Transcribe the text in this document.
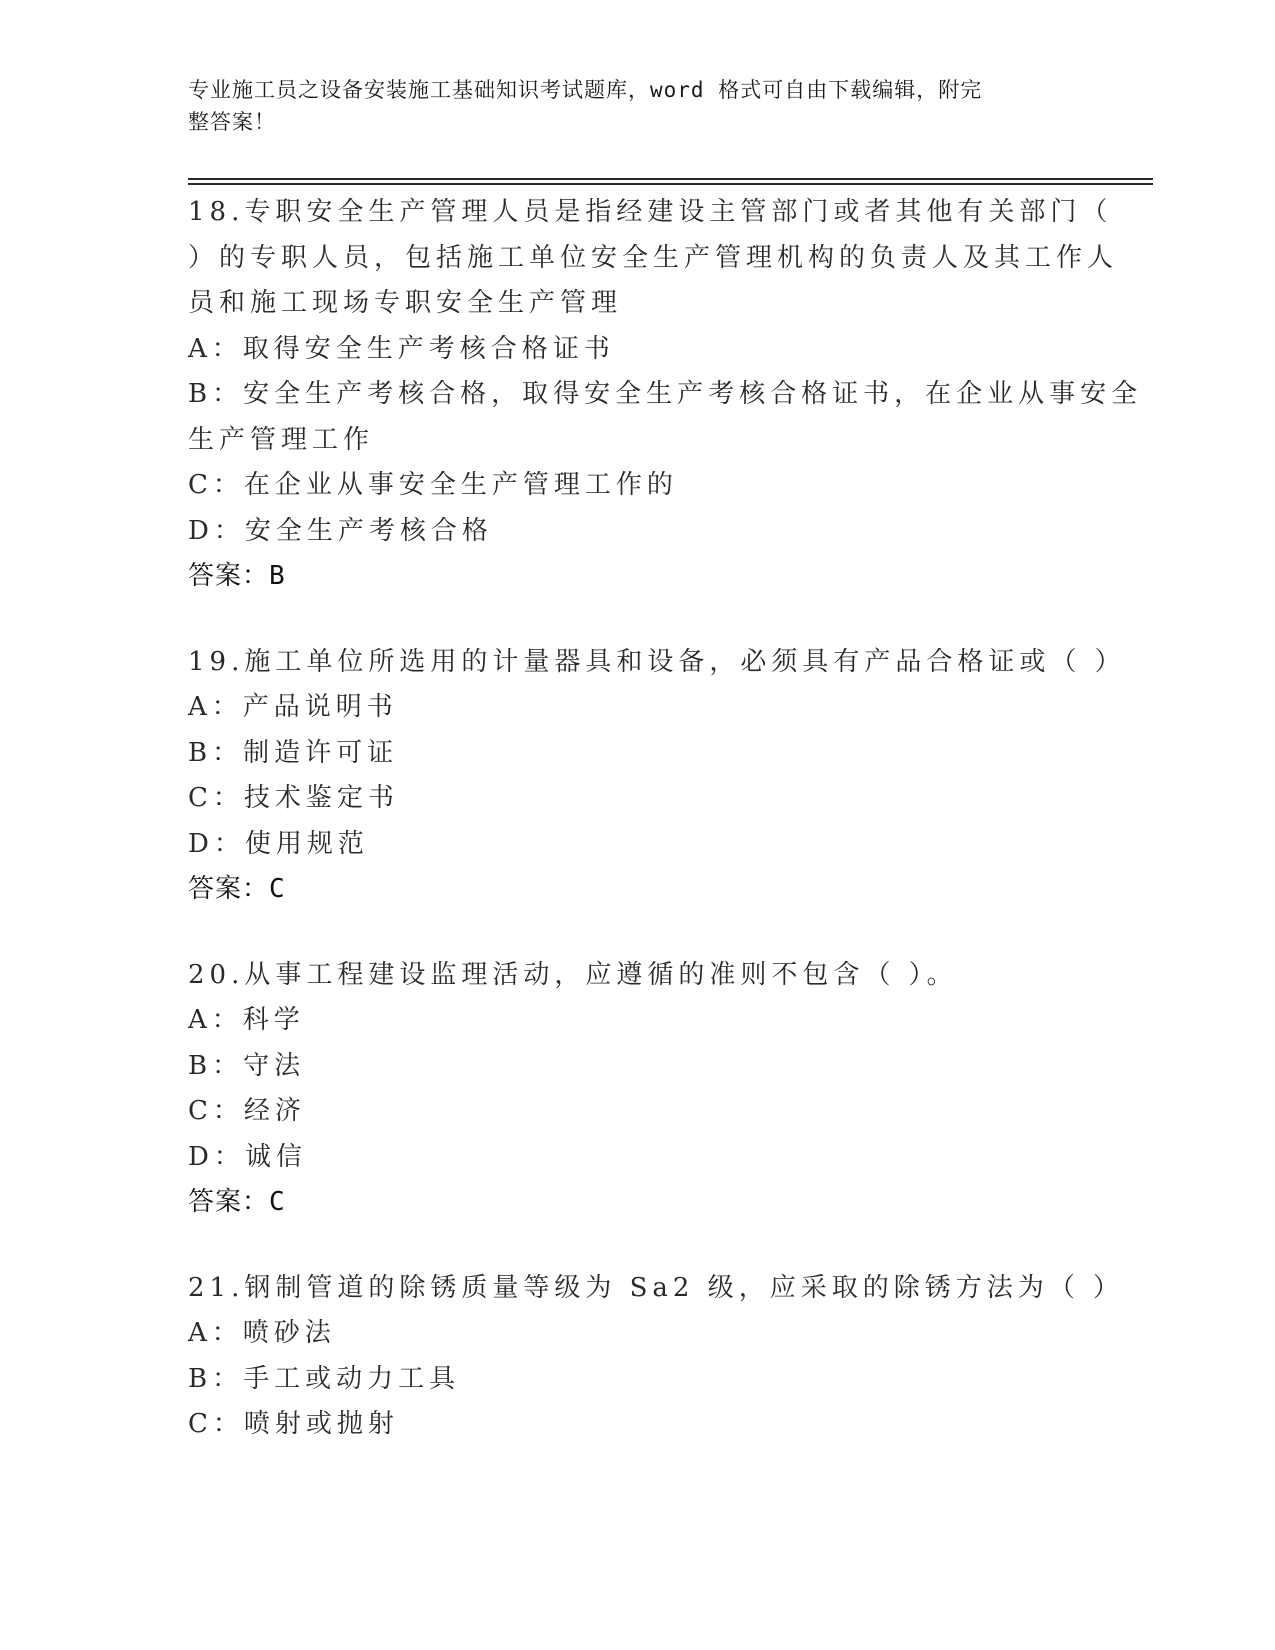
专业施工员之设备安装施工基础知识考试题库，word 格式可自由下载编辑，附完
整答案！
18.专职安全生产管理人员是指经建设主管部门或者其他有关部门（
）的专职人员，包括施工单位安全生产管理机构的负责人及其工作人
员和施工现场专职安全生产管理
A：取得安全生产考核合格证书
B：安全生产考核合格，取得安全生产考核合格证书，在企业从事安全
生产管理工作
C：在企业从事安全生产管理工作的
D：安全生产考核合格
答案：B
19.施工单位所选用的计量器具和设备，必须具有产品合格证或（ ）
A：产品说明书
B：制造许可证
C：技术鉴定书
D：使用规范
答案：C
20.从事工程建设监理活动，应遵循的准则不包含（ ）。
A：科学
B：守法
C：经济
D：诚信
答案：C
21.钢制管道的除锈质量等级为 Sa2 级，应采取的除锈方法为（ ）
A：喷砂法
B：手工或动力工具
C：喷射或抛射
